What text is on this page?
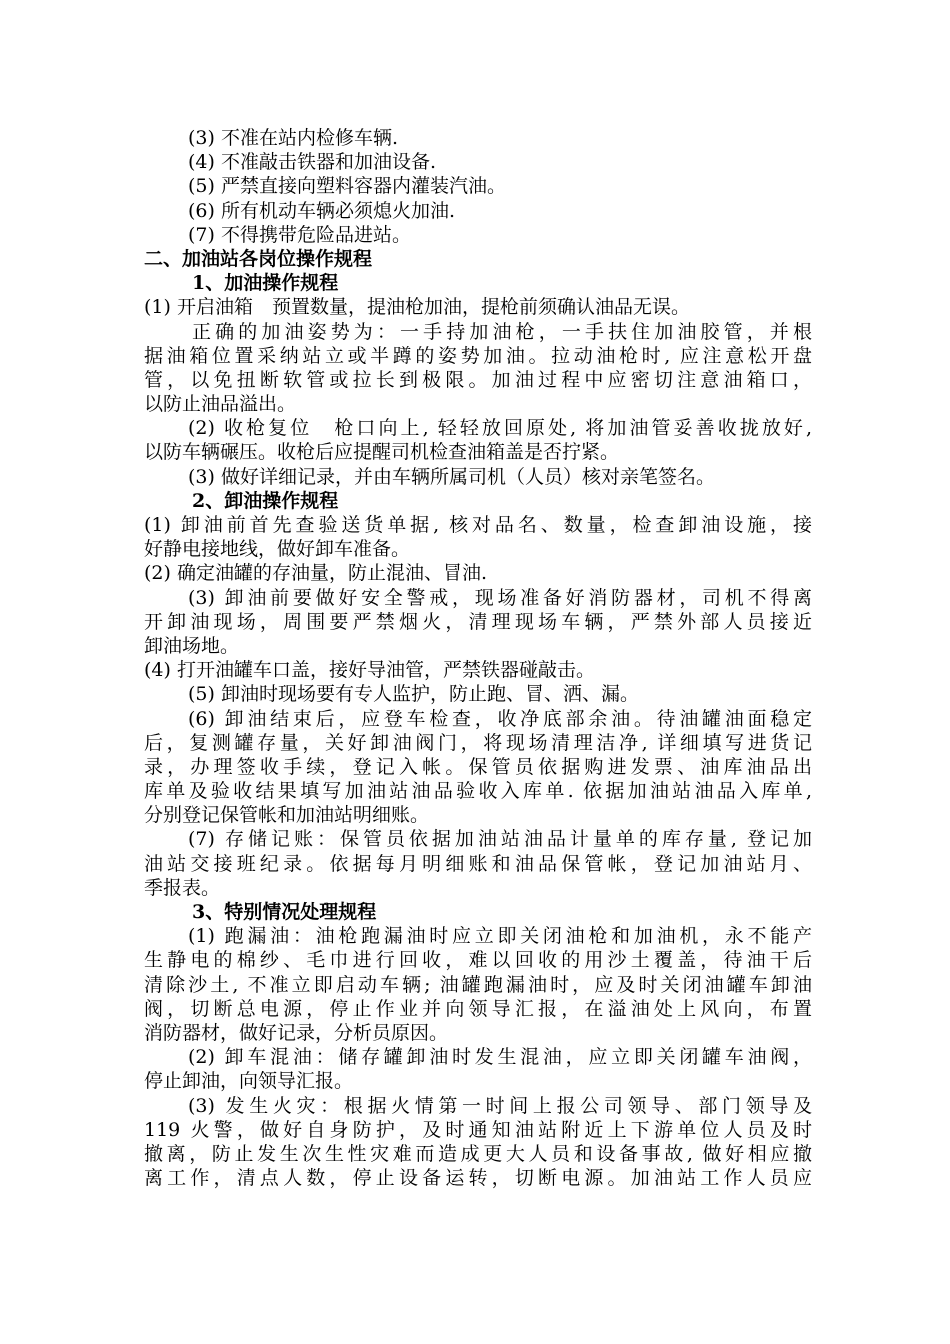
(3) 不准在站内检修车辆.
(4) 不准敲击铁器和加油设备.
(5) 严禁直接向塑料容器内灌装汽油。
(6) 所有机动车辆必须熄火加油.
(7) 不得携带危险品进站。
二、加油站各岗位操作规程
1、加油操作规程
(1) 开启油箱　预置数量，提油枪加油，提枪前须确认油品无误。
正确的加油姿势为：一手持加油枪，一手扶住加油胶管，并根
据油箱位置采纳站立或半蹲的姿势加油。拉动油枪时, 应注意松开盘
管，以免扭断软管或拉长到极限。加油过程中应密切注意油箱口，
以防止油品溢出。
(2) 收枪复位　枪口向上, 轻轻放回原处, 将加油管妥善收拢放好,
以防车辆碾压。收枪后应提醒司机检查油箱盖是否拧紧。
(3) 做好详细记录，并由车辆所属司机（人员）核对亲笔签名。
2、卸油操作规程
(1) 卸油前首先查验送货单据, 核对品名、数量，检查卸油设施，接
好静电接地线，做好卸车准备。
(2) 确定油罐的存油量，防止混油、冒油.
(3) 卸油前要做好安全警戒，现场准备好消防器材，司机不得离
开卸油现场，周围要严禁烟火，清理现场车辆，严禁外部人员接近
卸油场地。
(4) 打开油罐车口盖，接好导油管，严禁铁器碰敲击。
(5) 卸油时现场要有专人监护，防止跑、冒、洒、漏。
(6) 卸油结束后，应登车检查，收净底部余油。待油罐油面稳定
后，复测罐存量，关好卸油阀门，将现场清理洁净, 详细填写进货记
录，办理签收手续，登记入帐。保管员依据购进发票、油库油品出
库单及验收结果填写加油站油品验收入库单. 依据加油站油品入库单,
分别登记保管帐和加油站明细账。
(7) 存储记账：保管员依据加油站油品计量单的库存量, 登记加
油站交接班纪录。依据每月明细账和油品保管帐，登记加油站月、
季报表。
3、特别情况处理规程
(1) 跑漏油：油枪跑漏油时应立即关闭油枪和加油机，永不能产
生静电的棉纱、毛巾进行回收，难以回收的用沙土覆盖，待油干后
清除沙土, 不准立即启动车辆; 油罐跑漏油时，应及时关闭油罐车卸油
阀，切断总电源，停止作业并向领导汇报，在溢油处上风向，布置
消防器材，做好记录，分析员原因。
(2) 卸车混油：储存罐卸油时发生混油，应立即关闭罐车油阀，
停止卸油，向领导汇报。
(3) 发生火灾：根据火情第一时间上报公司领导、部门领导及
119 火警，做好自身防护，及时通知油站附近上下游单位人员及时
撤离，防止发生次生性灾难而造成更大人员和设备事故, 做好相应撤
离工作，清点人数，停止设备运转，切断电源。加油站工作人员应
